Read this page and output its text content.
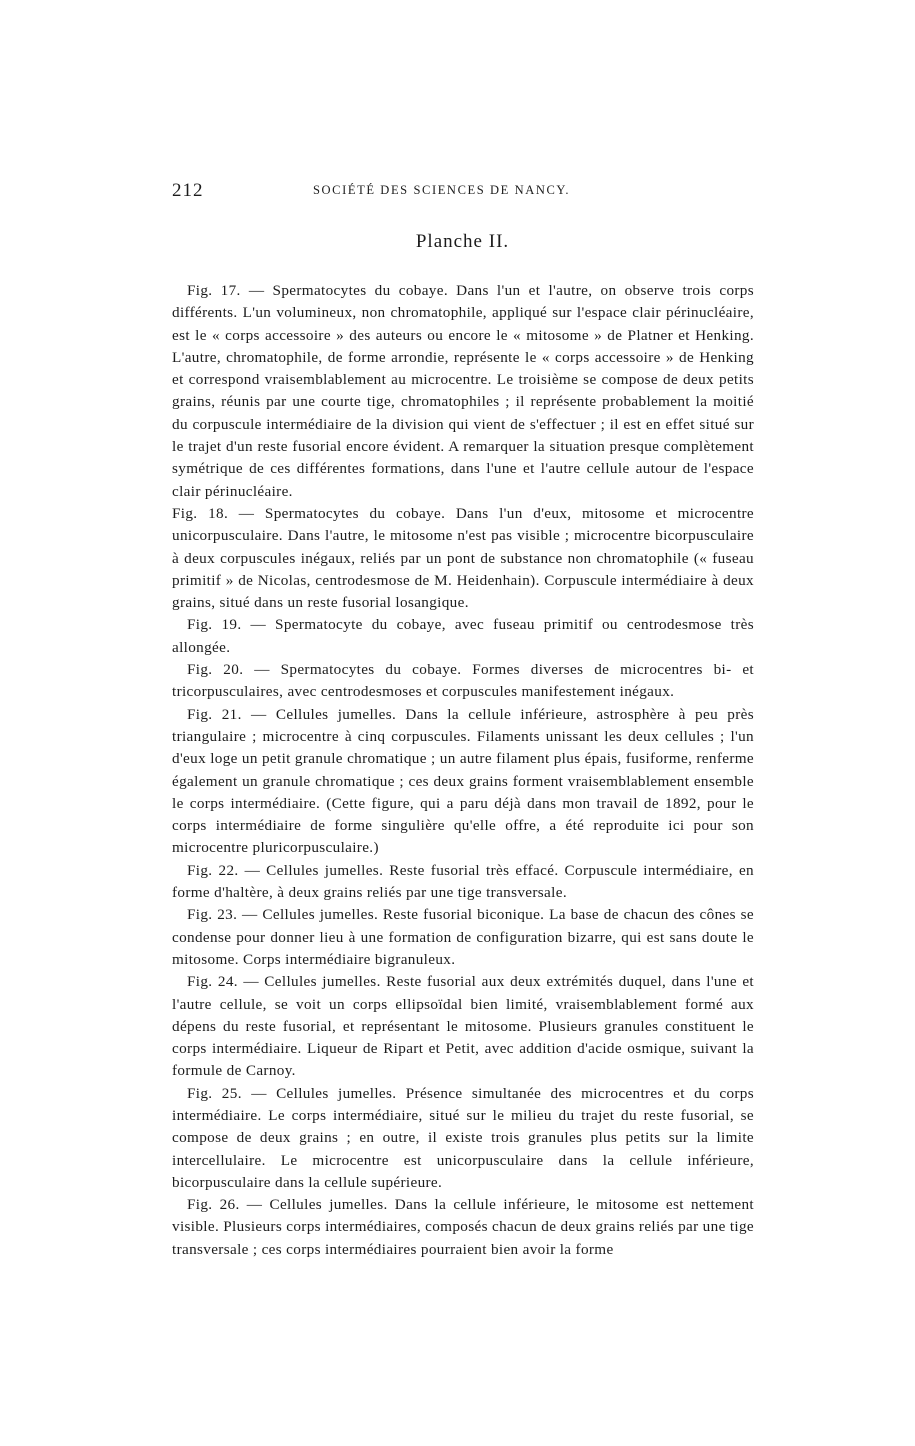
212	SOCIÉTÉ DES SCIENCES DE NANCY.
Planche II.

Fig. 17. — Spermatocytes du cobaye. Dans l'un et l'autre, on observe trois corps différents. L'un volumineux, non chromatophile, appliqué sur l'espace clair périnucléaire, est le « corps accessoire » des auteurs ou encore le « mitosome » de Platner et Henking. L'autre, chromatophile, de forme arrondie, représente le « corps accessoire » de Henking et correspond vraisemblablement au microcentre. Le troisième se compose de deux petits grains, réunis par une courte tige, chromatophiles ; il représente probablement la moitié du corpuscule intermédiaire de la division qui vient de s'effectuer ; il est en effet situé sur le trajet d'un reste fusorial encore évident. A remarquer la situation presque complètement symétrique de ces différentes formations, dans l'une et l'autre cellule autour de l'espace clair périnucléaire.

Fig. 18. — Spermatocytes du cobaye. Dans l'un d'eux, mitosome et microcentre unicorpusculaire. Dans l'autre, le mitosome n'est pas visible ; microcentre bicorpusculaire à deux corpuscules inégaux, reliés par un pont de substance non chromatophile (« fuseau primitif » de Nicolas, centrodesmose de M. Heidenhain). Corpuscule intermédiaire à deux grains, situé dans un reste fusorial losangique.

Fig. 19. — Spermatocyte du cobaye, avec fuseau primitif ou centrodesmose très allongée.

Fig. 20. — Spermatocytes du cobaye. Formes diverses de microcentres bi- et tricorpusculaires, avec centrodesmoses et corpuscules manifestement inégaux.

Fig. 21. — Cellules jumelles. Dans la cellule inférieure, astrosphère à peu près triangulaire ; microcentre à cinq corpuscules. Filaments unissant les deux cellules ; l'un d'eux loge un petit granule chromatique ; un autre filament plus épais, fusiforme, renferme également un granule chromatique ; ces deux grains forment vraisemblablement ensemble le corps intermédiaire. (Cette figure, qui a paru déjà dans mon travail de 1892, pour le corps intermédiaire de forme singulière qu'elle offre, a été reproduite ici pour son microcentre pluricorpusculaire.)

Fig. 22. — Cellules jumelles. Reste fusorial très effacé. Corpuscule intermédiaire, en forme d'haltère, à deux grains reliés par une tige transversale.

Fig. 23. — Cellules jumelles. Reste fusorial biconique. La base de chacun des cônes se condense pour donner lieu à une formation de configuration bizarre, qui est sans doute le mitosome. Corps intermédiaire bigranuleux.

Fig. 24. — Cellules jumelles. Reste fusorial aux deux extrémités duquel, dans l'une et l'autre cellule, se voit un corps ellipsoïdal bien limité, vraisemblablement formé aux dépens du reste fusorial, et représentant le mitosome. Plusieurs granules constituent le corps intermédiaire. Liqueur de Ripart et Petit, avec addition d'acide osmique, suivant la formule de Carnoy.

Fig. 25. — Cellules jumelles. Présence simultanée des microcentres et du corps intermédiaire. Le corps intermédiaire, situé sur le milieu du trajet du reste fusorial, se compose de deux grains ; en outre, il existe trois granules plus petits sur la limite intercellulaire. Le microcentre est unicorpusculaire dans la cellule inférieure, bicorpusculaire dans la cellule supérieure.

Fig. 26. — Cellules jumelles. Dans la cellule inférieure, le mitosome est nettement visible. Plusieurs corps intermédiaires, composés chacun de deux grains reliés par une tige transversale ; ces corps intermédiaires pourraient bien avoir la forme
